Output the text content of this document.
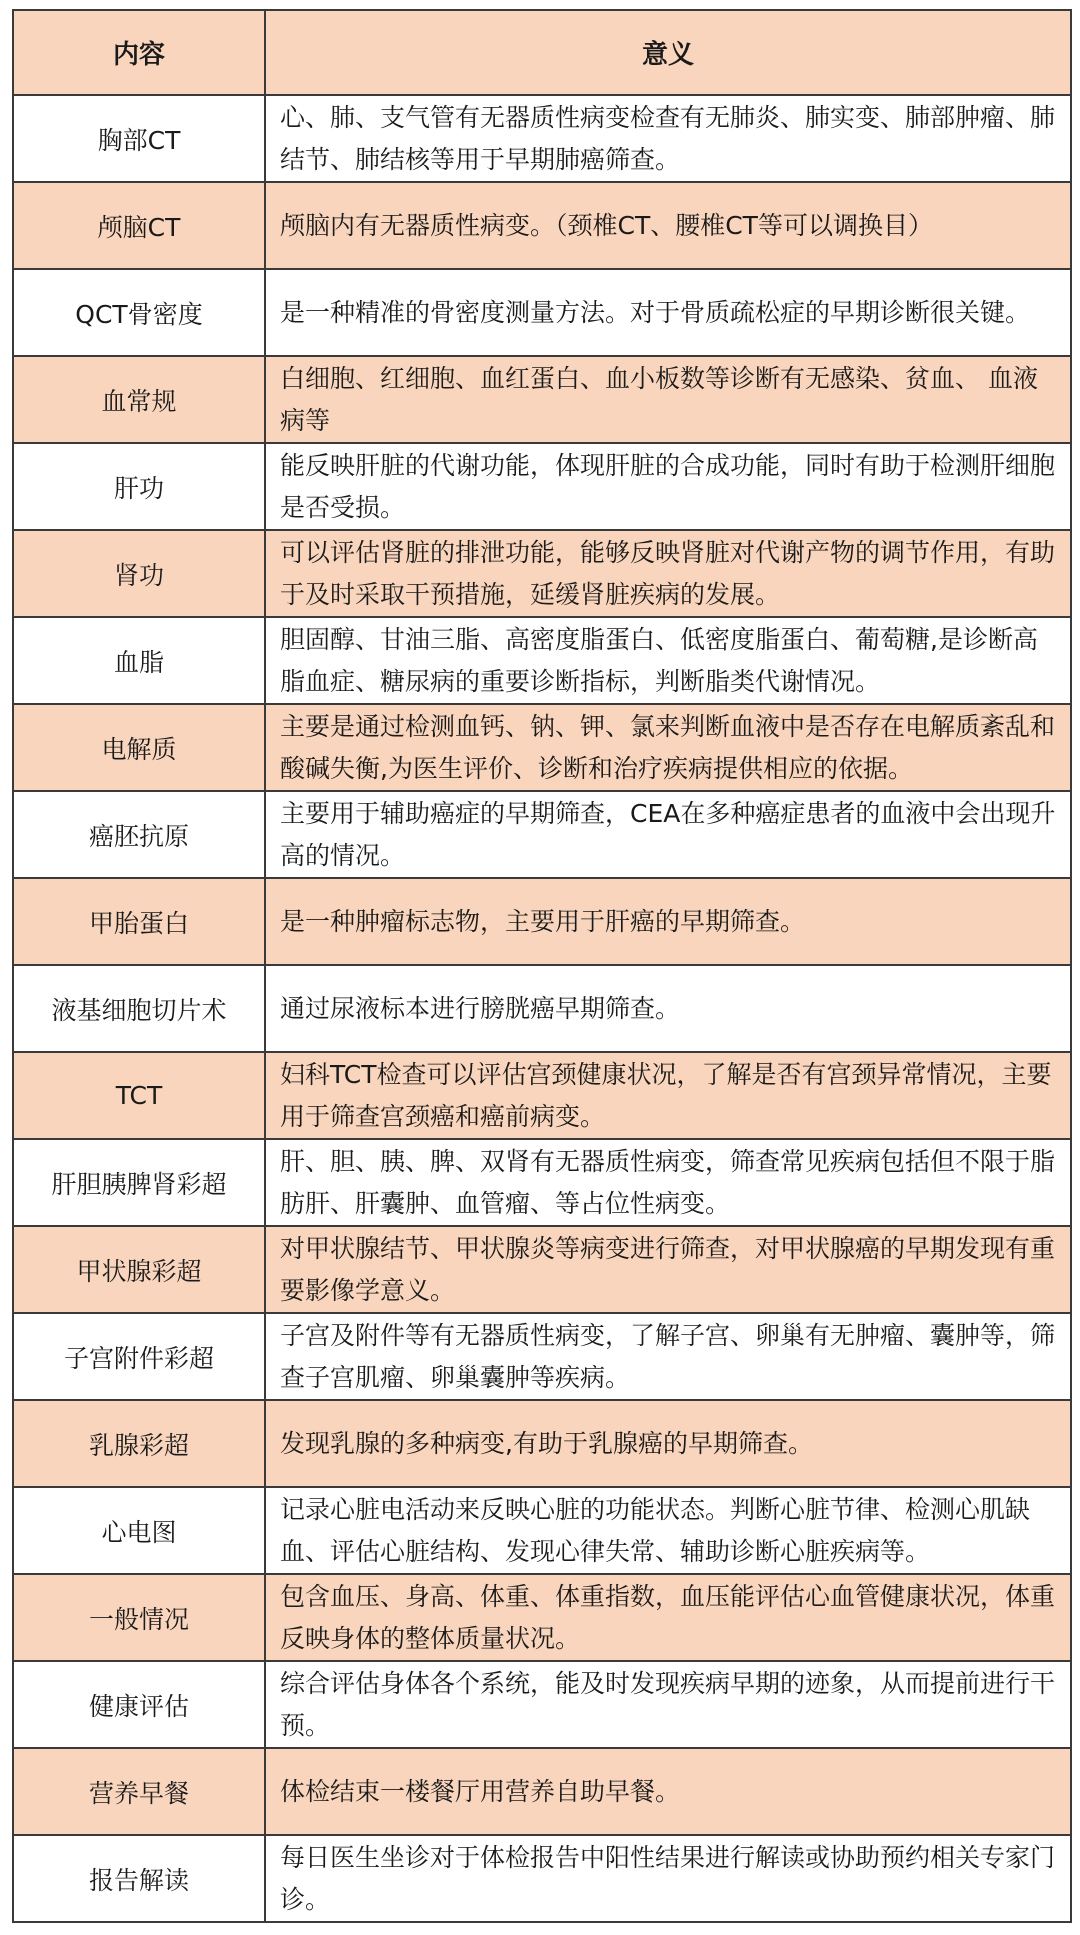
内容	意义
胸部CT	心、肺、支气管有无器质性病变检查有无肺炎、肺实变、肺部肿瘤、肺结节、肺结核等用于早期肺癌筛查。
颅脑CT	颅脑内有无器质性病变。（颈椎CT、腰椎CT等可以调换目）
QCT骨密度	是一种精准的骨密度测量方法。对于骨质疏松症的早期诊断很关键。
血常规	白细胞、红细胞、血红蛋白、血小板数等诊断有无感染、贫血、 血液病等
肝功	能反映肝脏的代谢功能，体现肝脏的合成功能，同时有助于检测肝细胞是否受损。
肾功	可以评估肾脏的排泄功能，能够反映肾脏对代谢产物的调节作用，有助于及时采取干预措施，延缓肾脏疾病的发展。
血脂	胆固醇、甘油三脂、高密度脂蛋白、低密度脂蛋白、葡萄糖,是诊断高脂血症、糖尿病的重要诊断指标，判断脂类代谢情况。
电解质	主要是通过检测血钙、钠、钾、氯来判断血液中是否存在电解质紊乱和酸碱失衡,为医生评价、诊断和治疗疾病提供相应的依据。
癌胚抗原	主要用于辅助癌症的早期筛查，CEA在多种癌症患者的血液中会出现升高的情况。
甲胎蛋白	是一种肿瘤标志物，主要用于肝癌的早期筛查。
液基细胞切片术	通过尿液标本进行膀胱癌早期筛查。
TCT	妇科TCT检查可以评估宫颈健康状况，了解是否有宫颈异常情况，主要用于筛查宫颈癌和癌前病变。
肝胆胰脾肾彩超	肝、胆、胰、脾、双肾有无器质性病变，筛查常见疾病包括但不限于脂肪肝、肝囊肿、血管瘤、等占位性病变。
甲状腺彩超	对甲状腺结节、甲状腺炎等病变进行筛查，对甲状腺癌的早期发现有重要影像学意义。
子宫附件彩超	子宫及附件等有无器质性病变，了解子宫、卵巢有无肿瘤、囊肿等，筛查子宫肌瘤、卵巢囊肿等疾病。
乳腺彩超	发现乳腺的多种病变,有助于乳腺癌的早期筛查。
心电图	记录心脏电活动来反映心脏的功能状态。判断心脏节律、检测心肌缺血、评估心脏结构、发现心律失常、辅助诊断心脏疾病等。
一般情况	包含血压、身高、体重、体重指数，血压能评估心血管健康状况，体重反映身体的整体质量状况。
健康评估	综合评估身体各个系统，能及时发现疾病早期的迹象，从而提前进行干预。
营养早餐	体检结束一楼餐厅用营养自助早餐。
报告解读	每日医生坐诊对于体检报告中阳性结果进行解读或协助预约相关专家门诊。
